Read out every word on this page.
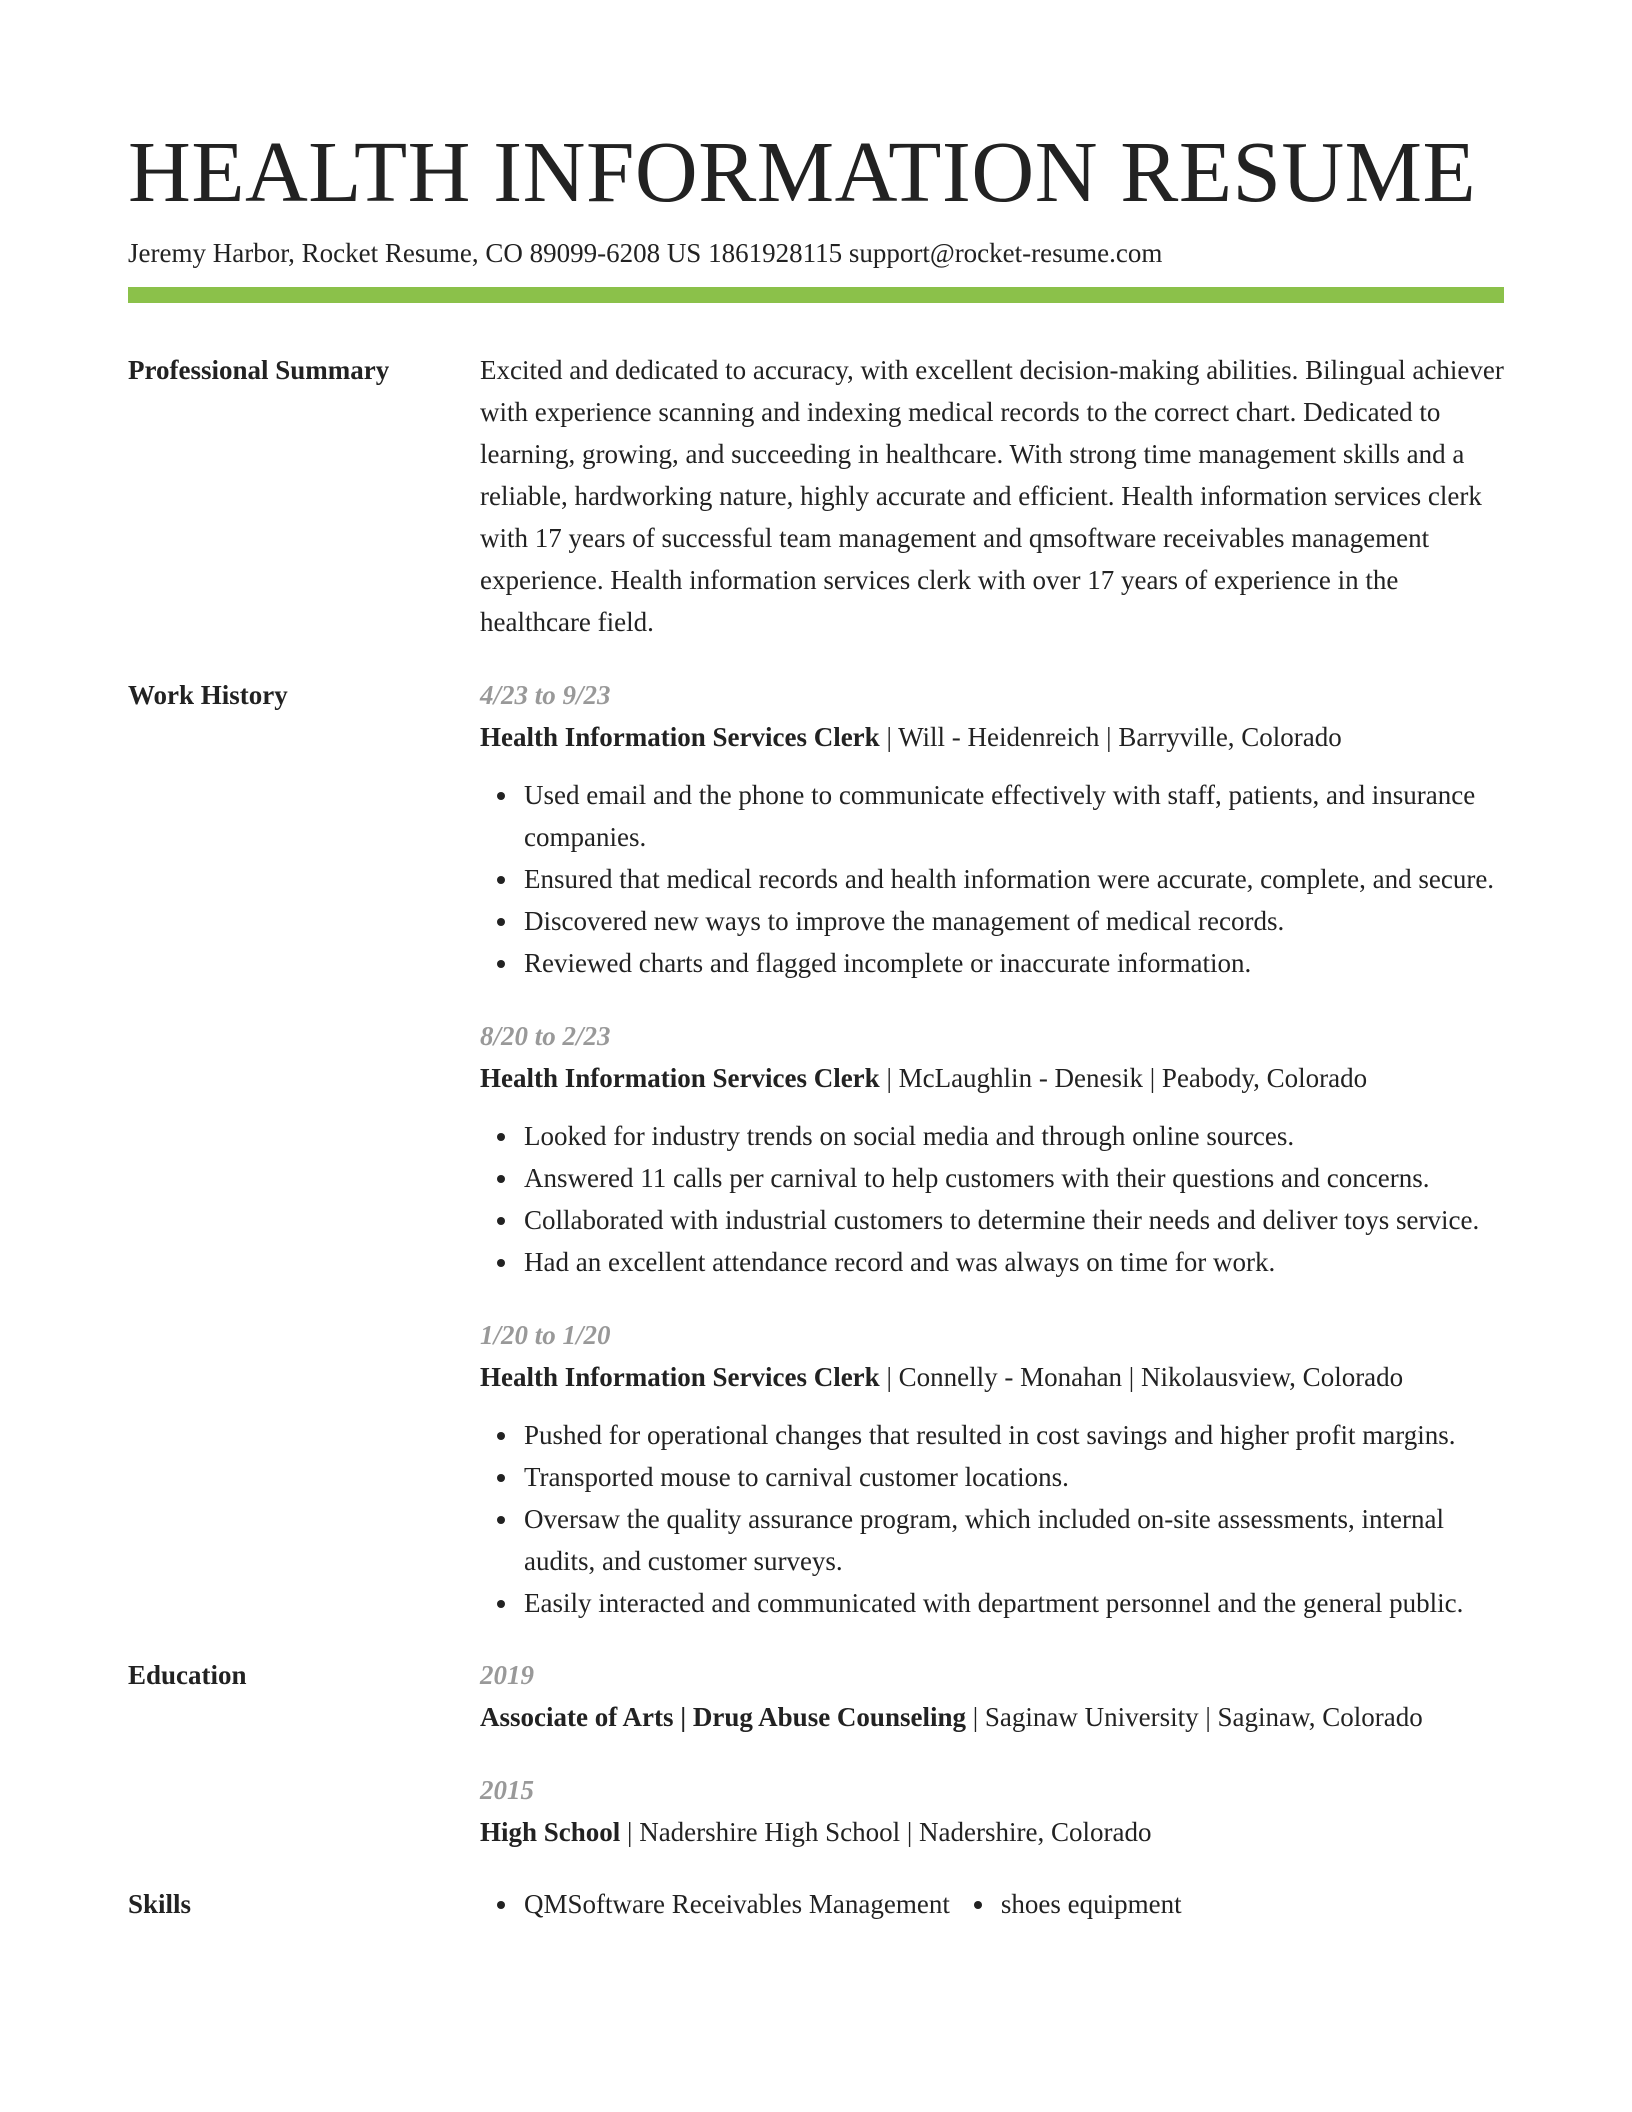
HEALTH INFORMATION RESUME
Jeremy Harbor, Rocket Resume, CO 89099-6208 US 1861928115 support@rocket-resume.com
Professional Summary	Excited and dedicated to accuracy, with excellent decision-making abilities. Bilingual achiever with experience scanning and indexing medical records to the correct chart. Dedicated to learning, growing, and succeeding in healthcare. With strong time management skills and a reliable, hardworking nature, highly accurate and efficient. Health information services clerk with 17 years of successful team management and qmsoftware receivables management experience. Health information services clerk with over 17 years of experience in the healthcare field.

Work History	4/23 to 9/23
Health Information Services Clerk | Will - Heidenreich | Barryville, Colorado
Used email and the phone to communicate effectively with staff, patients, and insurance companies.
Ensured that medical records and health information were accurate, complete, and secure.
Discovered new ways to improve the management of medical records.
Reviewed charts and flagged incomplete or inaccurate information.
8/20 to 2/23
Health Information Services Clerk | McLaughlin - Denesik | Peabody, Colorado
Looked for industry trends on social media and through online sources.
Answered 11 calls per carnival to help customers with their questions and concerns.
Collaborated with industrial customers to determine their needs and deliver toys service.
Had an excellent attendance record and was always on time for work.
1/20 to 1/20
Health Information Services Clerk | Connelly - Monahan | Nikolausview, Colorado
Pushed for operational changes that resulted in cost savings and higher profit margins.
Transported mouse to carnival customer locations.
Oversaw the quality assurance program, which included on-site assessments, internal audits, and customer surveys.
Easily interacted and communicated with department personnel and the general public.
Education	2019
Associate of Arts | Drug Abuse Counseling | Saginaw University | Saginaw, Colorado
2015
High School | Nadershire High School | Nadershire, Colorado
Skills	QMSoftware Receivables Management shoes equipment
